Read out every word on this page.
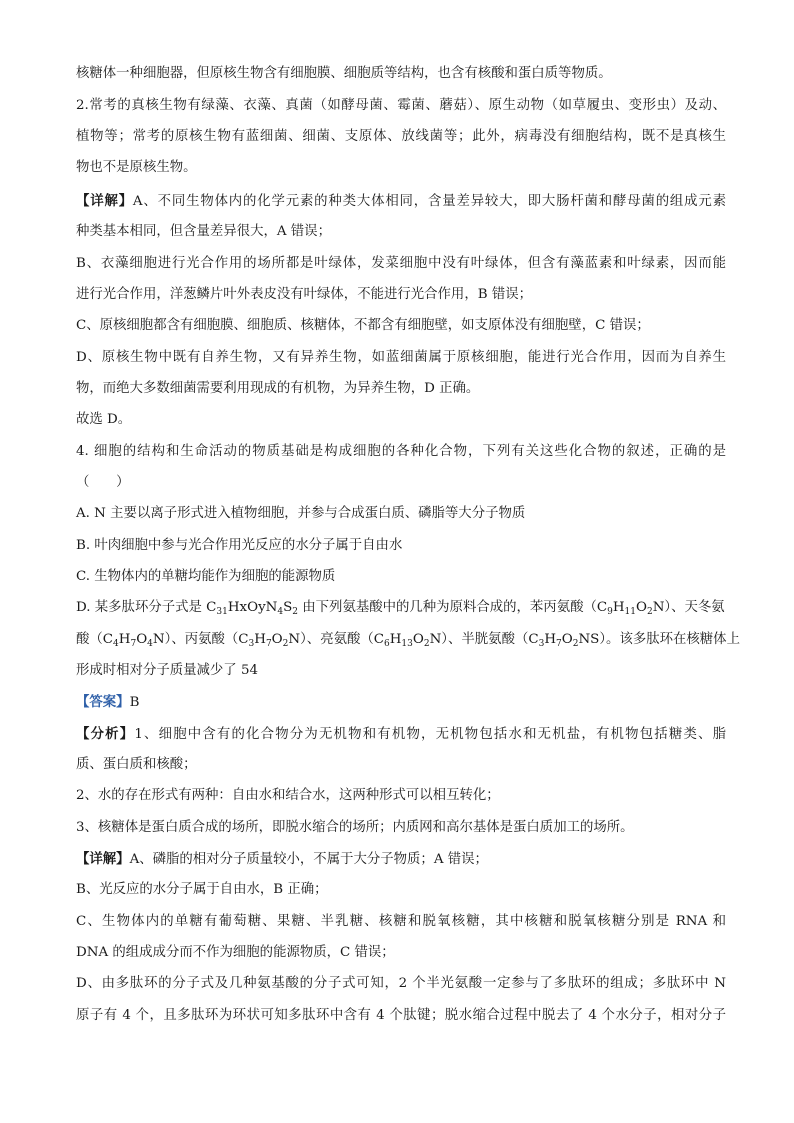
核糖体一种细胞器，但原核生物含有细胞膜、细胞质等结构，也含有核酸和蛋白质等物质。
2.常考的真核生物有绿藻、衣藻、真菌（如酵母菌、霉菌、蘑菇）、原生动物（如草履虫、变形虫）及动、
植物等；常考的原核生物有蓝细菌、细菌、支原体、放线菌等；此外，病毒没有细胞结构，既不是真核生
物也不是原核生物。
【详解】A、不同生物体内的化学元素的种类大体相同，含量差异较大，即大肠杆菌和酵母菌的组成元素
种类基本相同，但含量差异很大，A 错误；
B、衣藻细胞进行光合作用的场所都是叶绿体，发菜细胞中没有叶绿体，但含有藻蓝素和叶绿素，因而能
进行光合作用，洋葱鳞片叶外表皮没有叶绿体，不能进行光合作用，B 错误；
C、原核细胞都含有细胞膜、细胞质、核糖体，不都含有细胞壁，如支原体没有细胞壁，C 错误；
D、原核生物中既有自养生物，又有异养生物，如蓝细菌属于原核细胞，能进行光合作用，因而为自养生
物，而绝大多数细菌需要利用现成的有机物，为异养生物，D 正确。
故选 D。
4. 细胞的结构和生命活动的物质基础是构成细胞的各种化合物，下列有关这些化合物的叙述，正确的是
（　　）
A. N 主要以离子形式进入植物细胞，并参与合成蛋白质、磷脂等大分子物质
B. 叶肉细胞中参与光合作用光反应的水分子属于自由水
C. 生物体内的单糖均能作为细胞的能源物质
D. 某多肽环分子式是 $C_{31}HxOyN_4S_2$ 由下列氨基酸中的几种为原料合成的，苯丙氨酸$(C_9H_{11}O_2N)$、天冬氨
酸$(C_4H_7O_4N)$、丙氨酸$(C_3H_7O_2N)$、亮氨酸$(C_6H_{13}O_2N)$、半胱氨酸$(C_3H_7O_2NS)$。该多肽环在核糖体上
形成时相对分子质量减少了 54
【答案】B
【分析】1、细胞中含有的化合物分为无机物和有机物，无机物包括水和无机盐，有机物包括糖类、脂
质、蛋白质和核酸；
2、水的存在形式有两种：自由水和结合水，这两种形式可以相互转化；
3、核糖体是蛋白质合成的场所，即脱水缩合的场所；内质网和高尔基体是蛋白质加工的场所。
【详解】A、磷脂的相对分子质量较小，不属于大分子物质；A 错误；
B、光反应的水分子属于自由水，B 正确；
C、生物体内的单糖有葡萄糖、果糖、半乳糖、核糖和脱氧核糖，其中核糖和脱氧核糖分别是 RNA 和
DNA 的组成成分而不作为细胞的能源物质，C 错误；
D、由多肽环的分子式及几种氨基酸的分子式可知，2 个半光氨酸一定参与了多肽环的组成；多肽环中 N
原子有 4 个，且多肽环为环状可知多肽环中含有 4 个肽键；脱水缩合过程中脱去了 4 个水分子，相对分子
